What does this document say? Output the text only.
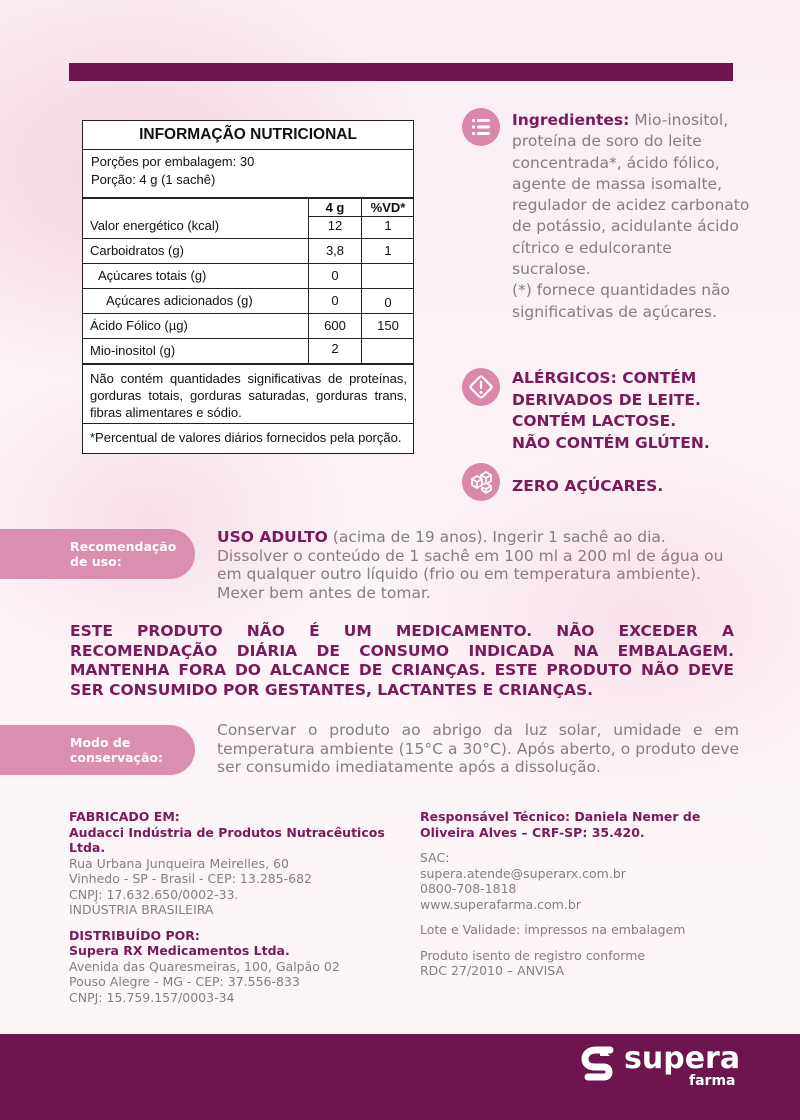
INFORMAÇÃO NUTRICIONAL
Porções por embalagem: 30
Porção: 4 g (1 sachê)
4 g	%VD*
Valor energético (kcal)	12	1
Carboidratos (g)	3,8	1
Açúcares totais (g)	0
Açúcares adicionados (g)	0	0
Ácido Fólico (µg)	600	150
Mio-inositol (g)	2
Não contém quantidades significativas de proteínas, gorduras totais, gorduras saturadas, gorduras trans, fibras alimentares e sódio.
*Percentual de valores diários fornecidos pela porção.
Ingredientes: Mio-inositol, proteína de soro do leite concentrada*, ácido fólico, agente de massa isomalte, regulador de acidez carbonato de potássio, acidulante ácido cítrico e edulcorante sucralose.
(*) fornece quantidades não significativas de açúcares.
ALÉRGICOS: CONTÉM
DERIVADOS DE LEITE.
CONTÉM LACTOSE.
NÃO CONTÉM GLÚTEN.
ZERO AÇÚCARES.
Recomendação
de uso:
USO ADULTO (acima de 19 anos). Ingerir 1 sachê ao dia. Dissolver o conteúdo de 1 sachê em 100 ml a 200 ml de água ou em qualquer outro líquido (frio ou em temperatura ambiente). Mexer bem antes de tomar.
ESTE PRODUTO NÃO É UM MEDICAMENTO. NÃO EXCEDER A RECOMENDAÇÃO DIÁRIA DE CONSUMO INDICADA NA EMBALAGEM. MANTENHA FORA DO ALCANCE DE CRIANÇAS. ESTE PRODUTO NÃO DEVE SER CONSUMIDO POR GESTANTES, LACTANTES E CRIANÇAS.
Modo de
conservação:
Conservar o produto ao abrigo da luz solar, umidade e em temperatura ambiente (15°C a 30°C). Após aberto, o produto deve ser consumido imediatamente após a dissolução.
FABRICADO EM:
Audacci Indústria de Produtos Nutracêuticos
Ltda.
Rua Urbana Junqueira Meirelles, 60
Vinhedo - SP - Brasil - CEP: 13.285-682
CNPJ: 17.632.650/0002-33.
INDÚSTRIA BRASILEIRA
DISTRIBUÍDO POR:
Supera RX Medicamentos Ltda.
Avenida das Quaresmeiras, 100, Galpão 02
Pouso Alegre - MG - CEP: 37.556-833
CNPJ: 15.759.157/0003-34
Responsável Técnico: Daniela Nemer de
Oliveira Alves – CRF-SP: 35.420.
SAC:
supera.atende@superarx.com.br
0800-708-1818
www.superafarma.com.br
Lote e Validade: impressos na embalagem
Produto isento de registro conforme
RDC 27/2010 – ANVISA
supera
farma
